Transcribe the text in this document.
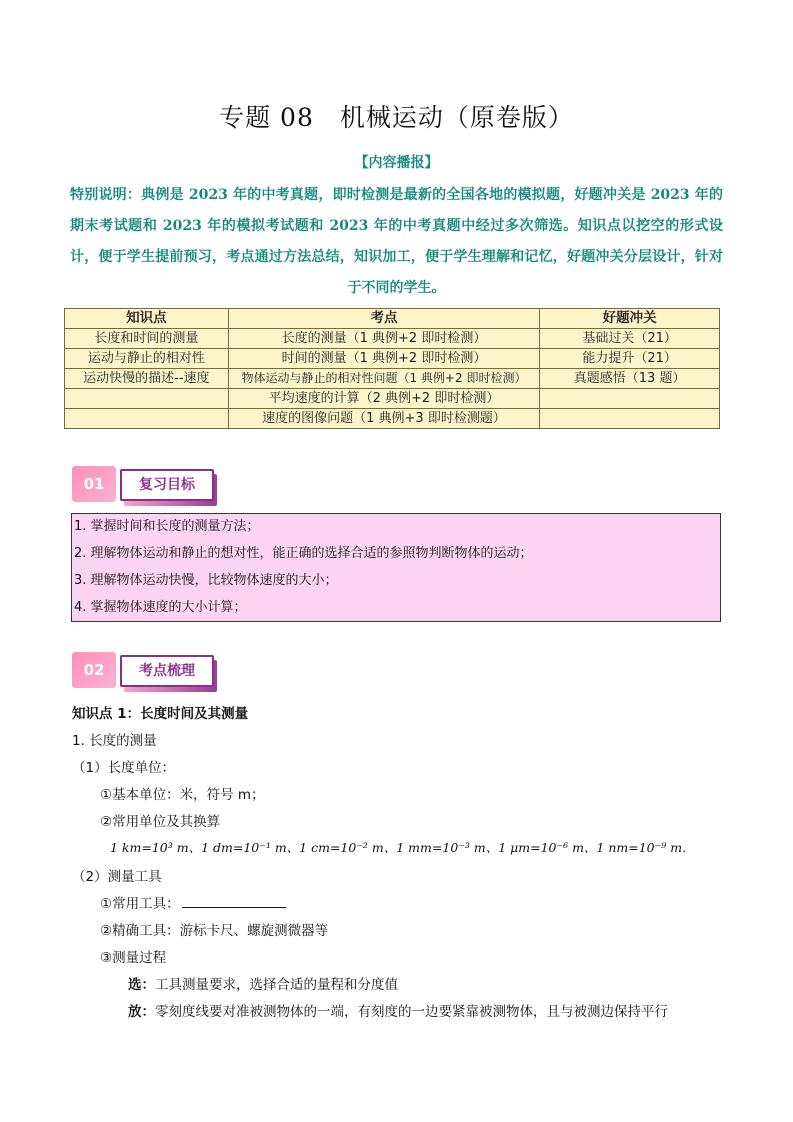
专题 08　机械运动（原卷版）
【内容播报】
特别说明：典例是 2023 年的中考真题，即时检测是最新的全国各地的模拟题，好题冲关是 2023 年的期末考试题和 2023 年的模拟考试题和 2023 年的中考真题中经过多次筛选。知识点以挖空的形式设计，便于学生提前预习，考点通过方法总结，知识加工，便于学生理解和记忆，好题冲关分层设计，针对于不同的学生。
知识点	考点	好题冲关
长度和时间的测量	长度的测量（1 典例+2 即时检测）	基础过关（21）
运动与静止的相对性	时间的测量（1 典例+2 即时检测）	能力提升（21）
运动快慢的描述--速度	物体运动与静止的相对性问题（1 典例+2 即时检测）	真题感悟（13 题）
	平均速度的计算（2 典例+2 即时检测）	
	速度的图像问题（1 典例+3 即时检测题）	
01	复习目标
1. 掌握时间和长度的测量方法；
2. 理解物体运动和静止的想对性，能正确的选择合适的参照物判断物体的运动；
3. 理解物体运动快慢，比较物体速度的大小；
4. 掌握物体速度的大小计算；
02	考点梳理
知识点 1：长度时间及其测量
1. 长度的测量
（1）长度单位：
①基本单位：米，符号 m；
②常用单位及其换算
1 km=10³ m、1 dm=10⁻¹ m、1 cm=10⁻² m、1 mm=10⁻³ m、1 μm=10⁻⁶ m、1 nm=10⁻⁹ m.
（2）测量工具
①常用工具：
②精确工具：游标卡尺、螺旋测微器等
③测量过程
选：工具测量要求，选择合适的量程和分度值
放：零刻度线要对准被测物体的一端，有刻度的一边要紧靠被测物体，且与被测边保持平行
